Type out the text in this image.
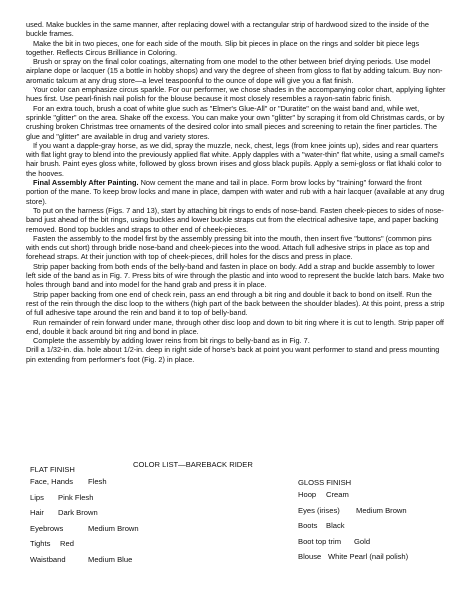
used. Make buckles in the same manner, after replacing dowel with a rectangular strip of hardwood sized to the inside of the buckle frames.

Make the bit in two pieces, one for each side of the mouth. Slip bit pieces in place on the rings and solder bit piece legs together. Reflects Circus Brilliance in Coloring.

Brush or spray on the final color coatings, alternating from one model to the other between brief drying periods. Use model airplane dope or lacquer (15 a bottle in hobby shops) and vary the degree of sheen from gloss to flat by adding talcum. Buy non-aromatic talcum at any drug store—a level teaspoonful to the ounce of dope will give you a flat finish.

Your color can emphasize circus sparkle. For our performer, we chose shades in the accompanying color chart, applying lighter hues first. Use pearl-finish nail polish for the blouse because it most closely resembles a rayon-satin fabric finish.

For an extra touch, brush a coat of white glue such as "Elmer's Glue-All" or "Duratite" on the waist band and, while wet, sprinkle "glitter" on the area. Shake off the excess. You can make your own "glitter" by scraping it from old Christmas cards, or by crushing broken Christmas tree ornaments of the desired color into small pieces and screening to retain the finer particles. The glue and "glitter" are available in drug and variety stores.

If you want a dapple-gray horse, as we did, spray the muzzle, neck, chest, legs (from knee joints up), sides and rear quarters with flat light gray to blend into the previously applied flat white. Apply dapples with a "water-thin" flat white, using a small camel's hair brush. Paint eyes gloss white, followed by gloss brown irises and gloss black pupils. Apply a semi-gloss or flat khaki color to the hooves.

Final Assembly After Painting. Now cement the mane and tail in place. Form brow locks by "training" forward the front portion of the mane. To keep brow locks and mane in place, dampen with water and rub with a hair lacquer (available at any drug store).

To put on the harness (Figs. 7 and 13), start by attaching bit rings to ends of nose-band. Fasten cheek-pieces to sides of nose-band just ahead of the bit rings, using buckles and lower buckle straps cut from the electrical adhesive tape, and paper backing removed. Bond top buckles and straps to other end of cheek-pieces.

Fasten the assembly to the model first by the assembly pressing bit into the mouth, then insert five "buttons" (common pins with ends cut short) through bridle nose-band and cheek-pieces into the wood. Attach full adhesive strips in place as top and forehead straps. At their junction with top of cheek-pieces, drill holes for the discs and press in place.

Strip paper backing from both ends of the belly-band and fasten in place on body. Add a strap and buckle assembly to lower left side of the band as in Fig. 7. Press bits of wire through the plastic and into wood to represent the buckle latch bars. Make two holes through band and into model for the hand grab and press it in place.

Strip paper backing from one end of check rein, pass an end through a bit ring and double it back to bond on itself. Run the rest of the rein through the disc loop to the withers (high part of the back between the shoulder blades). At this point, press a strip of full adhesive tape around the rein and band it to top of belly-band.

Run remainder of rein forward under mane, through other disc loop and down to bit ring where it is cut to length. Strip paper off end, double it back around bit ring and bond in place.

Complete the assembly by adding lower reins from bit rings to belly-band as in Fig. 7.

Drill a 1/32-in. dia. hole about 1/2-in. deep in right side of horse's back at point you want performer to stand and press mounting pin extending from performer's foot (Fig. 2) in place.

COLOR LIST—BAREBACK RIDER
FLAT FINISH
Face, Hands Flesh
Lips Pink Flesh
Hair Dark Brown
Eyebrows	Medium Brown
Tights Red
Waistband	Medium Blue
GLOSS FINISH
Hoop Cream
Eyes (irises) Medium Brown
Boots Black
Boot top trim Gold
Blouse White Pearl (nail polish)
